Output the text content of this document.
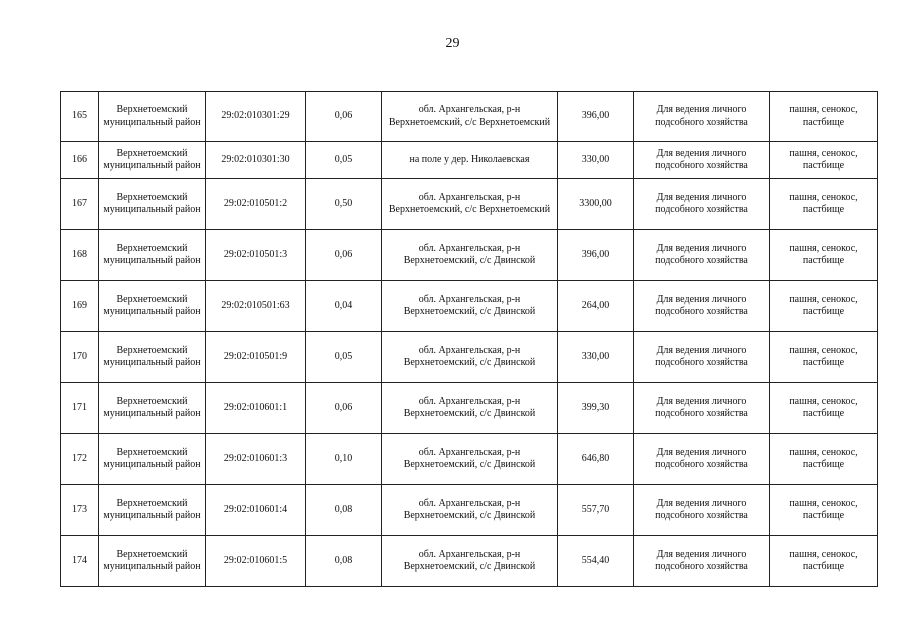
29
165	Верхнетоемский муниципальный район	29:02:010301:29	0,06	обл. Архангельская, р-н Верхнетоемский, с/с Верхнетоемский	396,00	Для ведения личного подсобного хозяйства	пашня, сенокос, пастбище
166	Верхнетоемский муниципальный район	29:02:010301:30	0,05	на поле у дер. Николаевская	330,00	Для ведения личного подсобного хозяйства	пашня, сенокос, пастбище
167	Верхнетоемский муниципальный район	29:02:010501:2	0,50	обл. Архангельская, р-н Верхнетоемский, с/с Верхнетоемский	3300,00	Для ведения личного подсобного хозяйства	пашня, сенокос, пастбище
168	Верхнетоемский муниципальный район	29:02:010501:3	0,06	обл. Архангельская, р-н Верхнетоемский, с/с Двинской	396,00	Для ведения личного подсобного хозяйства	пашня, сенокос, пастбище
169	Верхнетоемский муниципальный район	29:02:010501:63	0,04	обл. Архангельская, р-н Верхнетоемский, с/с Двинской	264,00	Для ведения личного подсобного хозяйства	пашня, сенокос, пастбище
170	Верхнетоемский муниципальный район	29:02:010501:9	0,05	обл. Архангельская, р-н Верхнетоемский, с/с Двинской	330,00	Для ведения личного подсобного хозяйства	пашня, сенокос, пастбище
171	Верхнетоемский муниципальный район	29:02:010601:1	0,06	обл. Архангельская, р-н Верхнетоемский, с/с Двинской	399,30	Для ведения личного подсобного хозяйства	пашня, сенокос, пастбище
172	Верхнетоемский муниципальный район	29:02:010601:3	0,10	обл. Архангельская, р-н Верхнетоемский, с/с Двинской	646,80	Для ведения личного подсобного хозяйства	пашня, сенокос, пастбище
173	Верхнетоемский муниципальный район	29:02:010601:4	0,08	обл. Архангельская, р-н Верхнетоемский, с/с Двинской	557,70	Для ведения личного подсобного хозяйства	пашня, сенокос, пастбище
174	Верхнетоемский муниципальный район	29:02:010601:5	0,08	обл. Архангельская, р-н Верхнетоемский, с/с Двинской	554,40	Для ведения личного подсобного хозяйства	пашня, сенокос, пастбище
